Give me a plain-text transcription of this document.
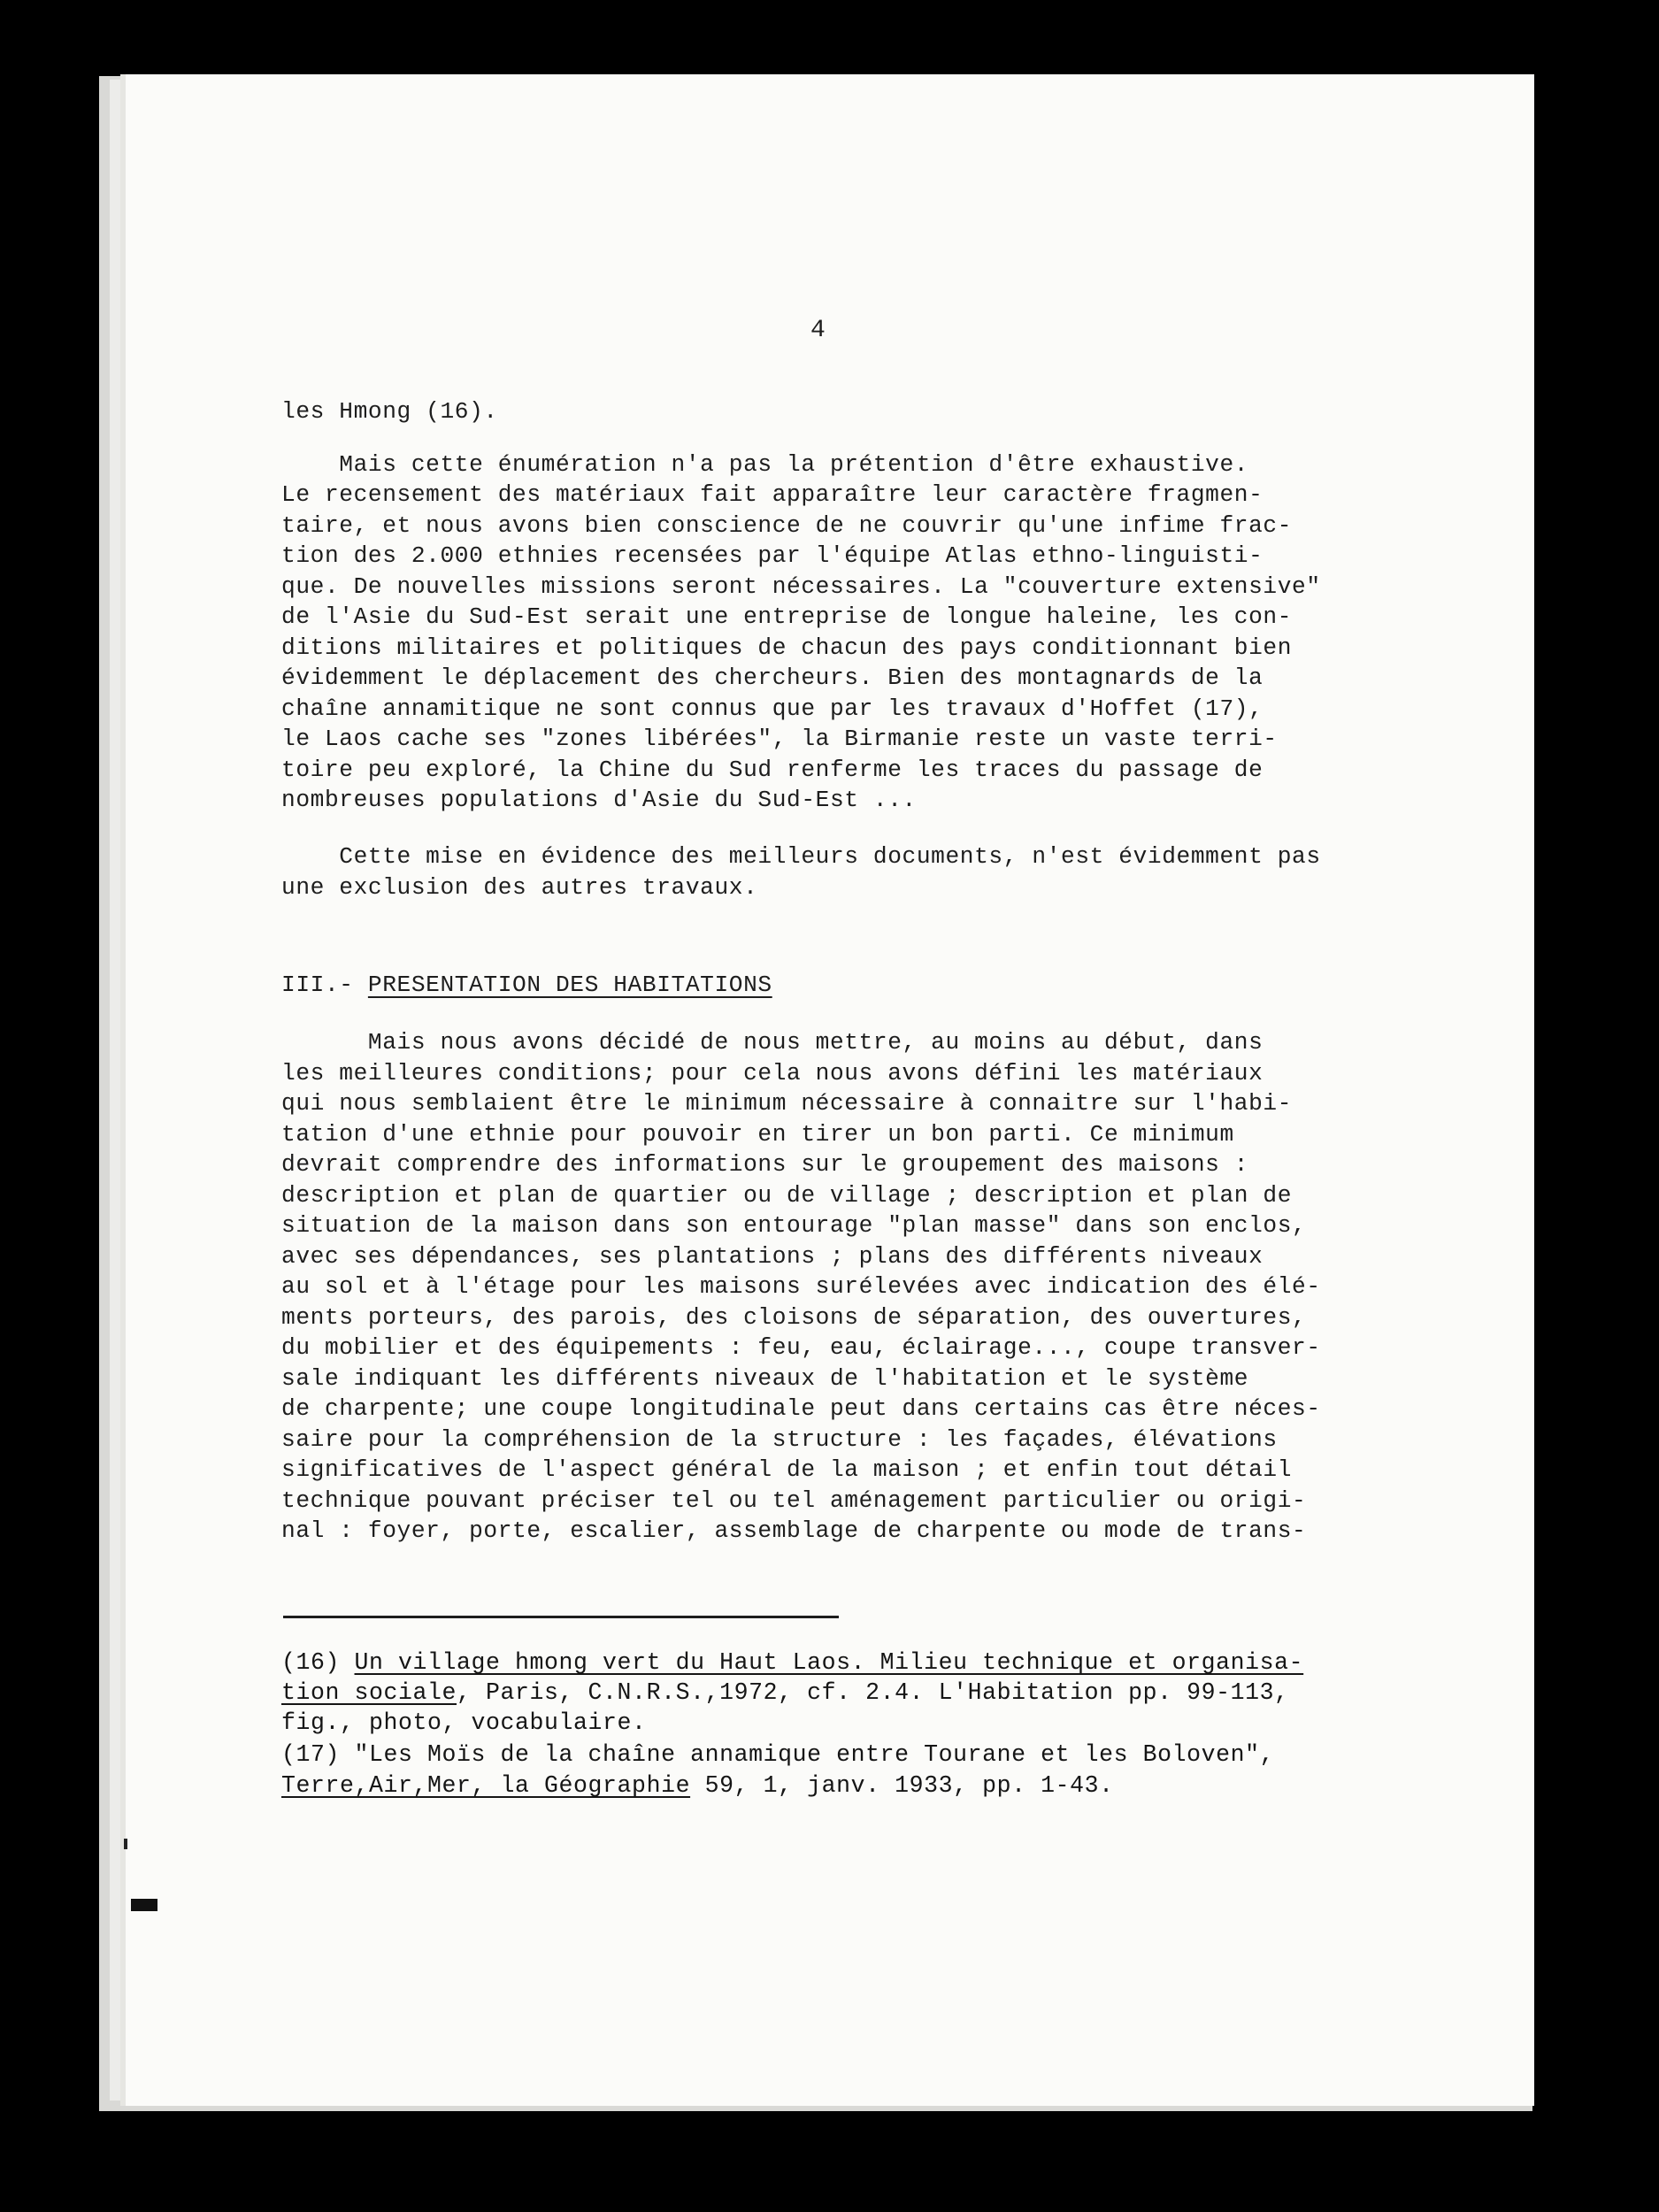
4
les Hmong (16).
Mais cette énumération n'a pas la prétention d'être exhaustive.
Le recensement des matériaux fait apparaître leur caractère fragmen-
taire, et nous avons bien conscience de ne couvrir qu'une infime frac-
tion des 2.000 ethnies recensées par l'équipe Atlas ethno-linguisti-
que. De nouvelles missions seront nécessaires. La "couverture extensive"
de l'Asie du Sud-Est serait une entreprise de longue haleine, les con-
ditions militaires et politiques de chacun des pays conditionnant bien
évidemment le déplacement des chercheurs. Bien des montagnards de la
chaîne annamitique ne sont connus que par les travaux d'Hoffet (17),
le Laos cache ses "zones libérées", la Birmanie reste un vaste terri-
toire peu exploré, la Chine du Sud renferme les traces du passage de
nombreuses populations d'Asie du Sud-Est ...
Cette mise en évidence des meilleurs documents, n'est évidemment pas
une exclusion des autres travaux.
III.- PRESENTATION DES HABITATIONS
Mais nous avons décidé de nous mettre, au moins au début, dans
les meilleures conditions; pour cela nous avons défini les matériaux
qui nous semblaient être le minimum nécessaire à connaitre sur l'habi-
tation d'une ethnie pour pouvoir en tirer un bon parti. Ce minimum
devrait comprendre des informations sur le groupement des maisons :
description et plan de quartier ou de village ; description et plan de
situation de la maison dans son entourage "plan masse" dans son enclos,
avec ses dépendances, ses plantations ; plans des différents niveaux
au sol et à l'étage pour les maisons surélevées avec indication des élé-
ments porteurs, des parois, des cloisons de séparation, des ouvertures,
du mobilier et des équipements : feu, eau, éclairage..., coupe transver-
sale indiquant les différents niveaux de l'habitation et le système
de charpente; une coupe longitudinale peut dans certains cas être néces-
saire pour la compréhension de la structure : les façades, élévations
significatives de l'aspect général de la maison ; et enfin tout détail
technique pouvant préciser tel ou tel aménagement particulier ou origi-
nal : foyer, porte, escalier, assemblage de charpente ou mode de trans-
(16) Un village hmong vert du Haut Laos. Milieu technique et organisa-
tion sociale, Paris, C.N.R.S.,1972, cf. 2.4. L'Habitation pp. 99-113,
fig., photo, vocabulaire.
(17) "Les Moïs de la chaîne annamique entre Tourane et les Boloven",
Terre,Air,Mer, la Géographie 59, 1, janv. 1933, pp. 1-43.
